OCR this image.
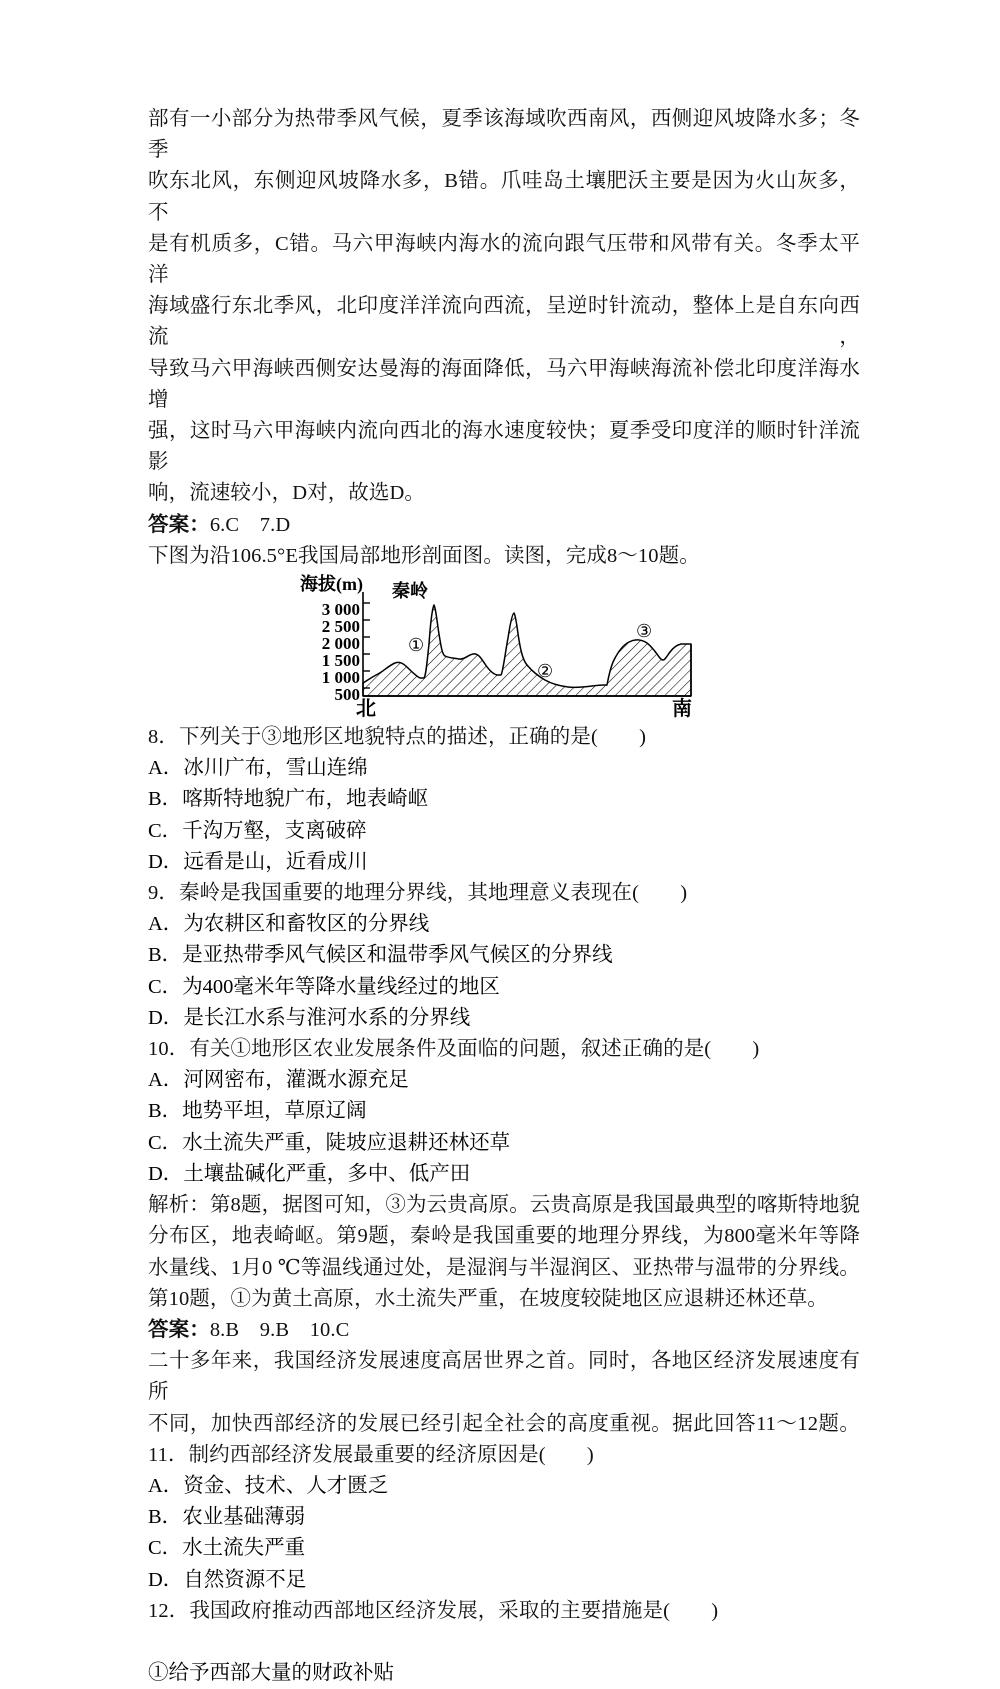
部有一小部分为热带季风气候，夏季该海域吹西南风，西侧迎风坡降水多；冬季
吹东北风，东侧迎风坡降水多，B错。爪哇岛土壤肥沃主要是因为火山灰多，不
是有机质多，C错。马六甲海峡内海水的流向跟气压带和风带有关。冬季太平洋
海域盛行东北季风，北印度洋洋流向西流，呈逆时针流动，整体上是自东向西流，
导致马六甲海峡西侧安达曼海的海面降低，马六甲海峡海流补偿北印度洋海水增
强，这时马六甲海峡内流向西北的海水速度较快；夏季受印度洋的顺时针洋流影
响，流速较小，D对，故选D。
答案：6.C　7.D
下图为沿106.5°E我国局部地形剖面图。读图，完成8～10题。
海拔(m) 秦岭
3 000
2 500
2 000
1 500
1 000
500
①
②
③
北	南
8．下列关于③地形区地貌特点的描述，正确的是(　　)
A．冰川广布，雪山连绵
B．喀斯特地貌广布，地表崎岖
C．千沟万壑，支离破碎
D．远看是山，近看成川
9．秦岭是我国重要的地理分界线，其地理意义表现在(　　)
A．为农耕区和畜牧区的分界线
B．是亚热带季风气候区和温带季风气候区的分界线
C．为400毫米年等降水量线经过的地区
D．是长江水系与淮河水系的分界线
10．有关①地形区农业发展条件及面临的问题，叙述正确的是(　　)
A．河网密布，灌溉水源充足
B．地势平坦，草原辽阔
C．水土流失严重，陡坡应退耕还林还草
D．土壤盐碱化严重，多中、低产田
解析：第8题，据图可知，③为云贵高原。云贵高原是我国最典型的喀斯特地貌
分布区，地表崎岖。第9题，秦岭是我国重要的地理分界线，为800毫米年等降
水量线、1月0 ℃等温线通过处，是湿润与半湿润区、亚热带与温带的分界线。
第10题，①为黄土高原，水土流失严重，在坡度较陡地区应退耕还林还草。
答案：8.B　9.B　10.C
二十多年来，我国经济发展速度高居世界之首。同时，各地区经济发展速度有所
不同，加快西部经济的发展已经引起全社会的高度重视。据此回答11～12题。
11．制约西部经济发展最重要的经济原因是(　　)
A．资金、技术、人才匮乏
B．农业基础薄弱
C．水土流失严重
D．自然资源不足
12．我国政府推动西部地区经济发展，采取的主要措施是(　　)
①给予西部大量的财政补贴
